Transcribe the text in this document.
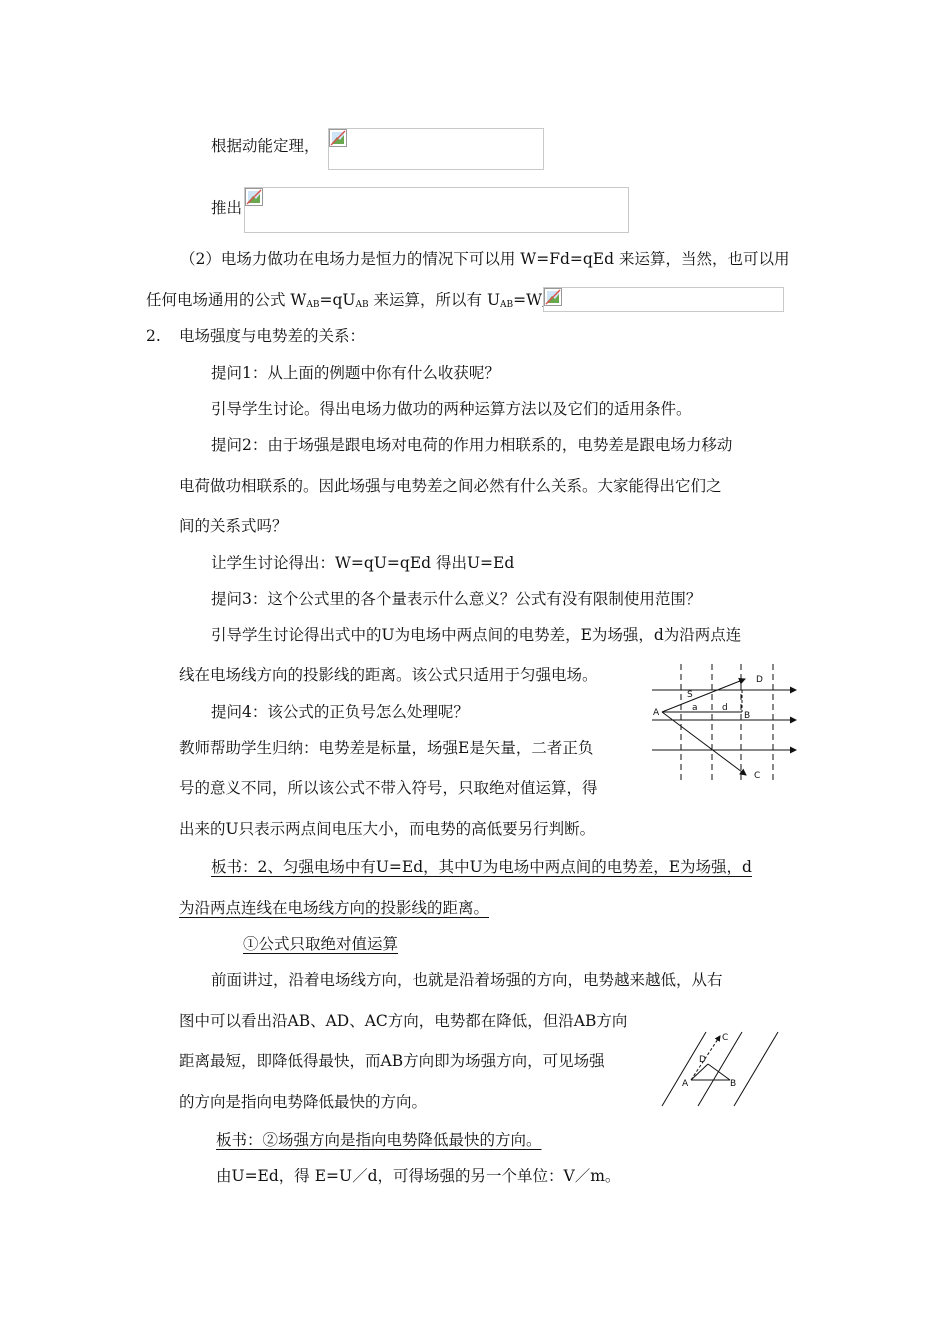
根据动能定理，
推出
（2）电场力做功在电场力是恒力的情况下可以用 W=Fd=qEd 来运算，当然，也可以用
任何电场通用的公式 $W_{AB}=qU_{AB}$ 来运算，所以有 $U_{AB}=W$
2. 电场强度与电势差的关系：
提问1：从上面的例题中你有什么收获呢？
引导学生讨论。得出电场力做功的两种运算方法以及它们的适用条件。
提问2：由于场强是跟电场对电荷的作用力相联系的，电势差是跟电场力移动
电荷做功相联系的。因此场强与电势差之间必然有什么关系。大家能得出它们之
间的关系式吗？
让学生讨论得出：W=qU=qEd 得出U=Ed
提问3：这个公式里的各个量表示什么意义？公式有没有限制使用范围？
引导学生讨论得出式中的U为电场中两点间的电势差，E为场强，d为沿两点连
线在电场线方向的投影线的距离。该公式只适用于匀强电场。
提问4：该公式的正负号怎么处理呢？
教师帮助学生归纳：电势差是标量，场强E是矢量，二者正负
号的意义不同，所以该公式不带入符号，只取绝对值运算，得
出来的U只表示两点间电压大小，而电势的高低要另行判断。
板书：2、匀强电场中有U=Ed，其中U为电场中两点间的电势差，E为场强，d
为沿两点连线在电场线方向的投影线的距离。
①公式只取绝对值运算
前面讲过，沿着电场线方向，也就是沿着场强的方向，电势越来越低，从右
图中可以看出沿AB、AD、AC方向，电势都在降低，但沿AB方向
距离最短，即降低得最快，而AB方向即为场强方向，可见场强
的方向是指向电势降低最快的方向。
板书：②场强方向是指向电势降低最快的方向。
由U=Ed，得 E=U／d，可得场强的另一个单位：V／m。
A	B
C
D
S
a	d
A	B
C
D
